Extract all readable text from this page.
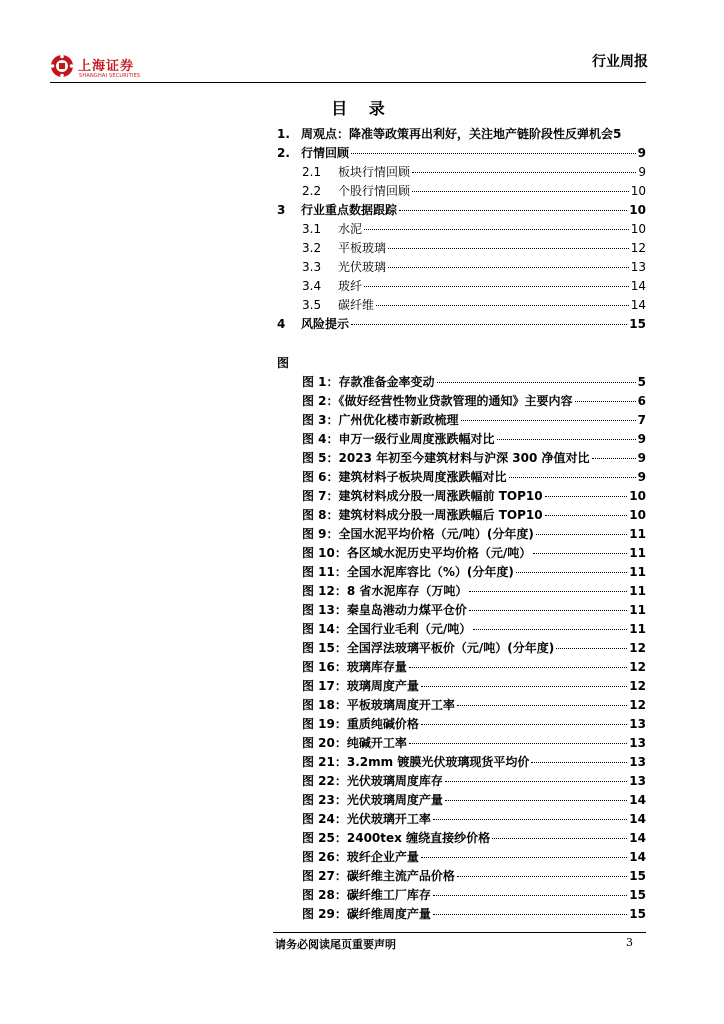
上海证券
SHANGHAI SECURITIES
行业周报
目 录
1. 周观点：降准等政策再出利好，关注地产链阶段性反弹机会 5
2. 行情回顾	9
2.1	板块行情回顾	9
2.2	个股行情回顾	10
3	行业重点数据跟踪	10
3.1	水泥	10
3.2	平板玻璃	12
3.3	光伏玻璃	13
3.4	玻纤	14
3.5	碳纤维	14
4	风险提示	15
图
图 1：存款准备金率变动	5
图 2：《做好经营性物业贷款管理的通知》主要内容	6
图 3：广州优化楼市新政梳理	7
图 4：申万一级行业周度涨跌幅对比	9
图 5：2023 年初至今建筑材料与沪深 300 净值对比	9
图 6：建筑材料子板块周度涨跌幅对比	9
图 7：建筑材料成分股一周涨跌幅前 TOP10	10
图 8：建筑材料成分股一周涨跌幅后 TOP10	10
图 9：全国水泥平均价格（元/吨）(分年度)	11
图 10：各区域水泥历史平均价格（元/吨）	11
图 11：全国水泥库容比（%）(分年度)	11
图 12：8 省水泥库存（万吨）	11
图 13：秦皇岛港动力煤平仓价	11
图 14：全国行业毛利（元/吨）	11
图 15：全国浮法玻璃平板价（元/吨）(分年度)	12
图 16：玻璃库存量	12
图 17：玻璃周度产量	12
图 18：平板玻璃周度开工率	12
图 19：重质纯碱价格	13
图 20：纯碱开工率	13
图 21：3.2mm 镀膜光伏玻璃现货平均价	13
图 22：光伏玻璃周度库存	13
图 23：光伏玻璃周度产量	14
图 24：光伏玻璃开工率	14
图 25：2400tex 缠绕直接纱价格	14
图 26：玻纤企业产量	14
图 27：碳纤维主流产品价格	15
图 28：碳纤维工厂库存	15
图 29：碳纤维周度产量	15
请务必阅读尾页重要声明	3
